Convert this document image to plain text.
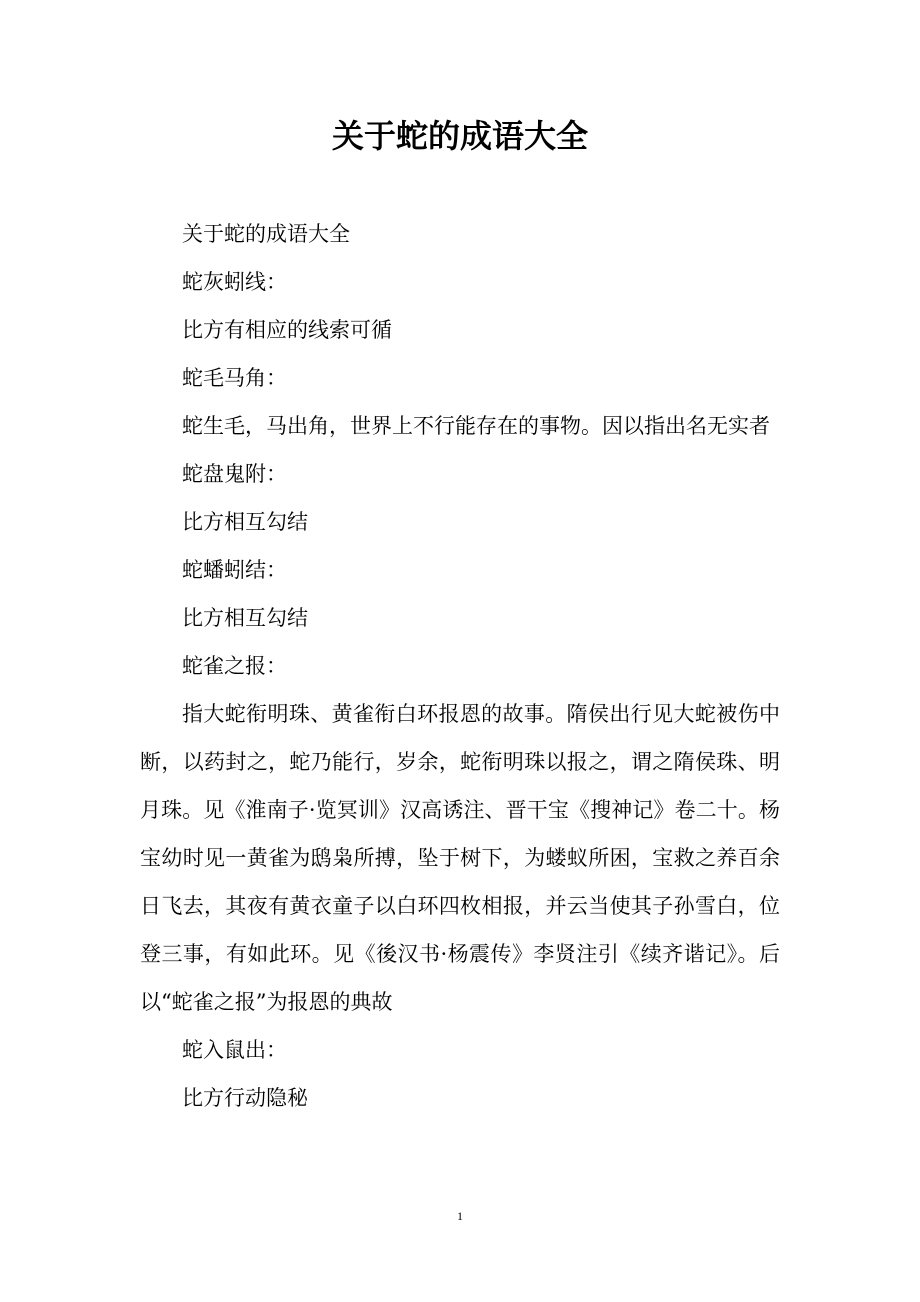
关于蛇的成语大全

关于蛇的成语大全

蛇灰蚓线：

比方有相应的线索可循

蛇毛马角：

蛇生毛，马出角，世界上不行能存在的事物。因以指出名无实者

蛇盘鬼附：

比方相互勾结

蛇蟠蚓结：

比方相互勾结

蛇雀之报：

指大蛇衔明珠、黄雀衔白环报恩的故事。隋侯出行见大蛇被伤中断，以药封之，蛇乃能行，岁余，蛇衔明珠以报之，谓之隋侯珠、明月珠。见《淮南子·览冥训》汉高诱注、晋干宝《搜神记》卷二十。杨宝幼时见一黄雀为鸱枭所搏，坠于树下，为蝼蚁所困，宝救之养百余日飞去，其夜有黄衣童子以白环四枚相报，并云当使其子孙雪白，位登三事，有如此环。见《後汉书·杨震传》李贤注引《续齐谐记》。后以“蛇雀之报”为报恩的典故

蛇入鼠出：

比方行动隐秘

1
